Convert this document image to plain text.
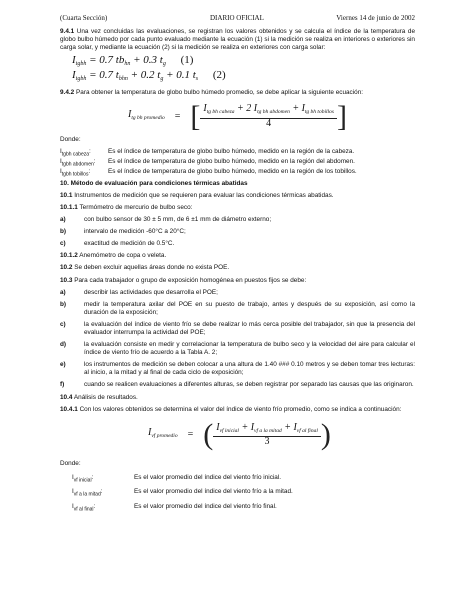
(Cuarta Sección)	DIARIO OFICIAL	Viernes 14 de junio de 2002

9.4.1 Una vez concluidas las evaluaciones, se registran los valores obtenidos y se calcula el índice de la temperatura de globo bulbo húmedo por cada punto evaluado mediante la ecuación (1) si la medición se realiza en interiores o exteriores sin carga solar, y mediante la ecuación (2) si la medición se realiza en exteriores con carga solar:

$I_{tgbh} = 0.7$ $tb_{hn} + 0.3$ $t_g$ (1)
$I_{tgbh} = 0.7$ $t_{bhn} + 0.2$ $t_g + 0.1$ $t_s$ (2)

9.4.2 Para obtener la temperatura de globo bulbo húmedo promedio, se debe aplicar la siguiente ecuación:

$I_{tg bh promedio}$ = [ $\frac{I_{tg bh cabeza} + 2 I_{tg bh abdomen} + I_{tg bh tobillos}}{4}$ ]

Donde:

$I_{tgbh cabeza}$:	Es el índice de temperatura de globo bulbo húmedo, medido en la región de la cabeza.
$I_{tgbh abdomen}$:	Es el índice de temperatura de globo bulbo húmedo, medido en la región del abdomen.
$I_{tgbh tobillos}$:	Es el índice de temperatura de globo bulbo húmedo, medido en la región de los tobillos.

10. Método de evaluación para condiciones térmicas abatidas

10.1 Instrumentos de medición que se requieren para evaluar las condiciones térmicas abatidas.

10.1.1 Termómetro de mercurio de bulbo seco:

a)	con bulbo sensor de 30 ± 5 mm, de 6 ±1 mm de diámetro externo;
b)	intervalo de medición -60°C a 20°C;
c)	exactitud de medición de 0.5°C.

10.1.2 Anemómetro de copa o veleta.

10.2 Se deben excluir aquellas áreas donde no exista POE.

10.3 Para cada trabajador o grupo de exposición homogénea en puestos fijos se debe:

a)	describir las actividades que desarrolla el POE;
b)	medir la temperatura axilar del POE en su puesto de trabajo, antes y después de su exposición, así como la duración de la exposición;
c)	la evaluación del índice de viento frío se debe realizar lo más cerca posible del trabajador, sin que la presencia del evaluador interrumpa la actividad del POE;
d)	la evaluación consiste en medir y correlacionar la temperatura de bulbo seco y la velocidad del aire para calcular el índice de viento frío de acuerdo a la Tabla A. 2;
e)	los instrumentos de medición se deben colocar a una altura de 1.40 ### 0.10 metros y se deben tomar tres lecturas: al inicio, a la mitad y al final de cada ciclo de exposición;
f)	cuando se realicen evaluaciones a diferentes alturas, se deben registrar por separado las causas que las originaron.

10.4 Análisis de resultados.

10.4.1 Con los valores obtenidos se determina el valor del índice de viento frío promedio, como se indica a continuación:

$I_{vf promedio}$ = ( $\frac{I_{vf inicial} + I_{vf a la mitad} + I_{vf al final}}{3}$ )

Donde:

$I_{vf inicial}$:	Es el valor promedio del índice del viento frío inicial.
$I_{vf a la mitad}$:	Es el valor promedio del índice del viento frío a la mitad.
$I_{vf al final}$:	Es el valor promedio del índice del viento frío final.
